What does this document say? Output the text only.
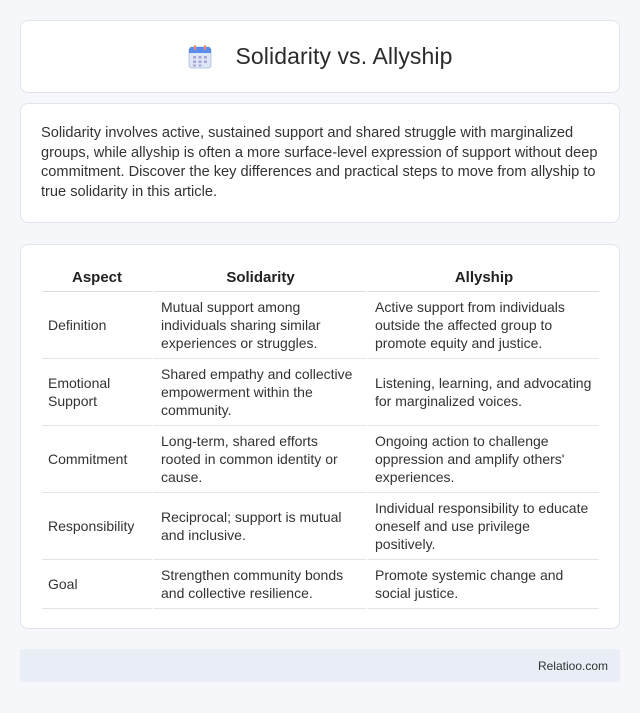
Solidarity vs. Allyship

Solidarity involves active, sustained support and shared struggle with marginalized groups, while allyship is often a more surface-level expression of support without deep commitment. Discover the key differences and practical steps to move from allyship to true solidarity in this article.

Aspect	Solidarity	Allyship
Definition	Mutual support among individuals sharing similar experiences or struggles.	Active support from individuals outside the affected group to promote equity and justice.
Emotional Support	Shared empathy and collective empowerment within the community.	Listening, learning, and advocating for marginalized voices.
Commitment	Long-term, shared efforts rooted in common identity or cause.	Ongoing action to challenge oppression and amplify others' experiences.
Responsibility	Reciprocal; support is mutual and inclusive.	Individual responsibility to educate oneself and use privilege positively.
Goal	Strengthen community bonds and collective resilience.	Promote systemic change and social justice.
Relatioo.com
